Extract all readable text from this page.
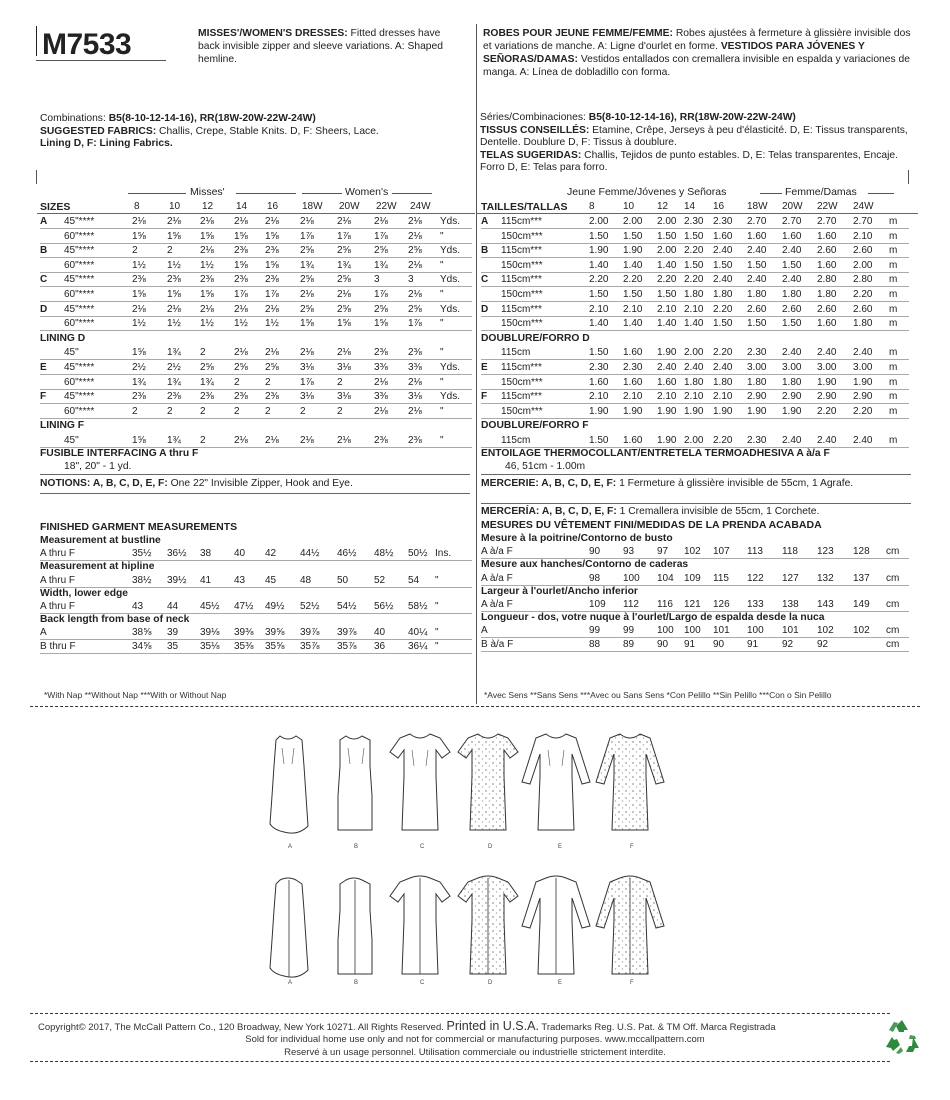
M7533	MISSES'/WOMEN'S DRESSES: Fitted dresses have back invisible zipper and sleeve variations. A: Shaped hemline.
ROBES POUR JEUNE FEMME/FEMME: Robes ajustées à fermeture à glissière invisible dos et variations de manche. A: Ligne d'ourlet en forme. VESTIDOS PARA JÓVENES Y SEÑORAS/DAMAS: Vestidos entallados con cremallera invisible en espalda y variaciones de manga. A: Línea de dobladillo con forma.
Combinations: B5(8-10-12-14-16), RR(18W-20W-22W-24W)
SUGGESTED FABRICS: Challis, Crepe, Stable Knits. D, F: Sheers, Lace.
Lining D, F: Lining Fabrics.
Séries/Combinaciones: B5(8-10-12-14-16), RR(18W-20W-22W-24W)
TISSUS CONSEILLÉS: Etamine, Crêpe, Jerseys à peu d'élasticité. D, E: Tissus transparents, Dentelle. Doublure D, F: Tissus à doublure.
TELAS SUGERIDAS: Challis, Tejidos de punto estables. D, E: Telas transparentes, Encaje. Forro D, E: Telas para forro.
Misses'	Women's
SIZES	8	10 12 14 16 18W 20W 22W 24W
A 45"****	2⅛ 2⅛ 2⅛ 2⅛ 2⅛ 2⅛ 2⅛ 2⅛ 2⅛ Yds.
60"****	1⅝ 1⅝ 1⅝ 1⅝ 1⅝ 1⅞ 1⅞ 1⅞ 2⅛ "
B 45"****	2	2	2⅛ 2⅜ 2⅜ 2⅝ 2⅝ 2⅝ 2⅝ Yds.
60"****	1½ 1½ 1½ 1⅝ 1⅝ 1¾ 1¾ 1¾ 2⅛ "
C 45"****	2⅜ 2⅜ 2⅜ 2⅜ 2⅜ 2⅝ 2⅝ 3	3	Yds.
60"****	1⅝ 1⅝ 1⅝ 1⅞ 1⅞ 2⅛ 2⅛ 1⅞ 2⅛ "
D 45"****	2⅛ 2⅛ 2⅛ 2⅛ 2⅛ 2⅝ 2⅝ 2⅝ 2⅝ Yds.
60"****	1½ 1½ 1½ 1½ 1½ 1⅝ 1⅝ 1⅝ 1⅞ "
LINING D
45"	1⅝ 1¾ 2	2⅛ 2⅛ 2⅛ 2⅛ 2⅜ 2⅜ "
E 45"****	2½ 2½ 2⅝ 2⅝ 2⅝ 3⅛ 3⅛ 3⅜ 3⅜ Yds.
60"****	1¾ 1¾ 1¾ 2	2	1⅞ 2	2⅛ 2⅛ "
F 45"****	2⅜ 2⅜ 2⅜ 2⅜ 2⅜ 3⅛ 3⅛ 3⅜ 3⅛ Yds.
60"****	2	2	2	2	2	2	2	2⅛ 2⅛ "
LINING F
45"	1⅝ 1¾ 2	2⅛ 2⅛ 2⅛ 2⅛ 2⅜ 2⅜ "
FUSIBLE INTERFACING A thru F
18", 20" - 1 yd.
NOTIONS: A, B, C, D, E, F: One 22" Invisible Zipper, Hook and Eye.
FINISHED GARMENT MEASUREMENTS
Measurement at bustline
A thru F	35½ 36½ 38 40 42 44½ 46½ 48½ 50½ Ins.
Measurement at hipline
A thru F	38½ 39½ 41 43 45 48	50	52 54 "
Width, lower edge
A thru F	43 44 45½ 47½ 49½ 52½ 54½ 56½ 58½ "
Back length from base of neck
A	38⅝ 39 39⅛ 39⅜ 39⅝ 39⅞ 39⅞ 40 40¼ "
B thru F	34⅝ 35 35⅛ 35⅜ 35⅝ 35⅞ 35⅞ 36 36¼ "
*With Nap **Without Nap ***With or Without Nap
Jeune Femme/Jóvenes y Señoras	Femme/Damas
TAILLES/TALLAS 8	10 12 14 16 18W 20W 22W 24W
A 115cm***	2.00 2.00 2.00 2.30 2.30 2.70 2.70 2.70 2.70 m
150cm***	1.50 1.50 1.50 1.50 1.60 1.60 1.60 1.60 2.10 m
B 115cm***	1.90 1.90 2.00 2.20 2.40 2.40 2.40 2.60 2.60 m
150cm***	1.40 1.40 1.40 1.50 1.50 1.50 1.50 1.60 2.00 m
C 115cm***	2.20 2.20 2.20 2.20 2.40 2.40 2.40 2.80 2.80 m
150cm***	1.50 1.50 1.50 1.80 1.80 1.80 1.80 1.80 2.20 m
D 115cm***	2.10 2.10 2.10 2.10 2.20 2.60 2.60 2.60 2.60 m
150cm***	1.40 1.40 1.40 1.40 1.50 1.50 1.50 1.60 1.80 m
DOUBLURE/FORRO D
115cm	1.50 1.60 1.90 2.00 2.20 2.30 2.40 2.40 2.40 m
E 115cm***	2.30 2.30 2.40 2.40 2.40 3.00 3.00 3.00 3.00 m
150cm***	1.60 1.60 1.60 1.80 1.80 1.80 1.80 1.90 1.90 m
F 115cm***	2.10 2.10 2.10 2.10 2.10 2.90 2.90 2.90 2.90 m
150cm***	1.90 1.90 1.90 1.90 1.90 1.90 1.90 2.20 2.20 m
DOUBLURE/FORRO F
115cm	1.50 1.60 1.90 2.00 2.20 2.30 2.40 2.40 2.40 m
ENTOILAGE THERMOCOLLANT/ENTRETELA TERMOADHESIVA A à/a F
46, 51cm - 1.00m
MERCERIE: A, B, C, D, E, F: 1 Fermeture à glissière invisible de 55cm, 1 Agrafe.
MERCERÍA: A, B, C, D, E, F: 1 Cremallera invisible de 55cm, 1 Corchete.
MESURES DU VÊTEMENT FINI/MEDIDAS DE LA PRENDA ACABADA
Mesure à la poitrine/Contorno de busto
A à/a F	90 93 97 102 107 113 118 123 128 cm
Mesure aux hanches/Contorno de caderas
A à/a F	98 100 104 109 115 122 127 132 137 cm
Largeur à l'ourlet/Ancho inferior
A à/a F	109 112 116 121 126 133 138 143 149 cm
Longueur - dos, votre nuque à l'ourlet/Largo de espalda desde la nuca
A	99 99 100 100 101 100 101 102 102 cm
B à/a F	88 89 90 91 90 91 92 92	cm
*Avec Sens **Sans Sens ***Avec ou Sans Sens *Con Pelillo **Sin Pelillo ***Con o Sin Pelillo
A
A
B
B
C
C
D
D
E
E
F
F
Copyright© 2017, The McCall Pattern Co., 120 Broadway, New York 10271. All Rights Reserved. Printed in U.S.A. Trademarks Reg. U.S. Pat. & TM Off. Marca Registrada
Sold for individual home use only and not for commercial or manufacturing purposes. www.mccallpattern.com
Reservé à un usage personnel. Utilisation commerciale ou industrielle strictement interdite.
